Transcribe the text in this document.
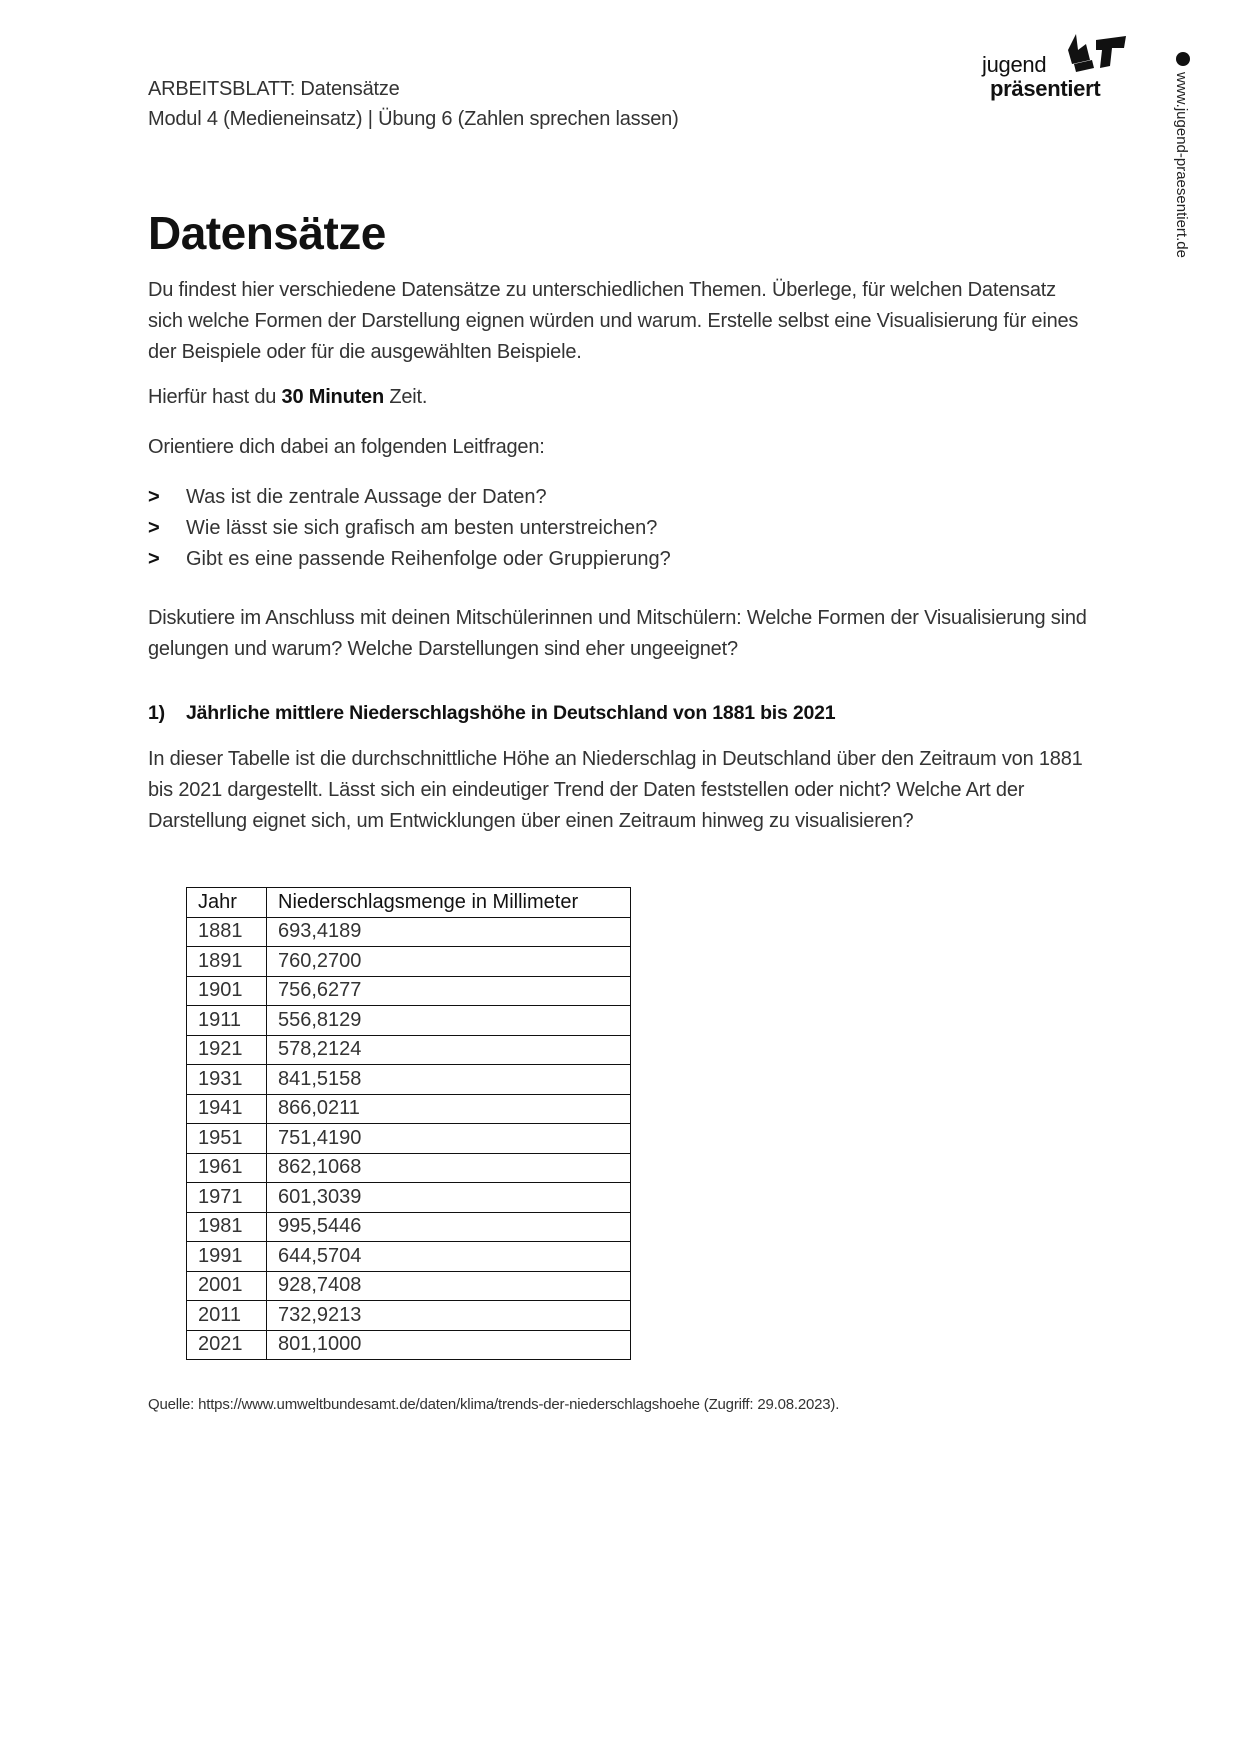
ARBEITSBLATT: Datensätze
Modul 4 (Medieneinsatz) | Übung 6 (Zahlen sprechen lassen)
jugend
präsentiert	www.jugend-praesentiert.de
Datensätze

Du findest hier verschiedene Datensätze zu unterschiedlichen Themen. Überlege, für welchen Datensatz sich welche Formen der Darstellung eignen würden und warum. Erstelle selbst eine Visualisierung für eines der Beispiele oder für die ausgewählten Beispiele.

Hierfür hast du 30 Minuten Zeit.

Orientiere dich dabei an folgenden Leitfragen:

>	Was ist die zentrale Aussage der Daten?
>	Wie lässt sie sich grafisch am besten unterstreichen?
>	Gibt es eine passende Reihenfolge oder Gruppierung?

Diskutiere im Anschluss mit deinen Mitschülerinnen und Mitschülern: Welche Formen der Visualisierung sind gelungen und warum? Welche Darstellungen sind eher ungeeignet?

1) Jährliche mittlere Niederschlagshöhe in Deutschland von 1881 bis 2021

In dieser Tabelle ist die durchschnittliche Höhe an Niederschlag in Deutschland über den Zeitraum von 1881 bis 2021 dargestellt. Lässt sich ein eindeutiger Trend der Daten feststellen oder nicht? Welche Art der Darstellung eignet sich, um Entwicklungen über einen Zeitraum hinweg zu visualisieren?

Jahr	Niederschlagsmenge in Millimeter
1881	693,4189
1891	760,2700
1901	756,6277
1911	556,8129
1921	578,2124
1931	841,5158
1941	866,0211
1951	751,4190
1961	862,1068
1971	601,3039
1981	995,5446
1991	644,5704
2001	928,7408
2011	732,9213
2021	801,1000
Quelle: https://www.umweltbundesamt.de/daten/klima/trends-der-niederschlagshoehe (Zugriff: 29.08.2023).
